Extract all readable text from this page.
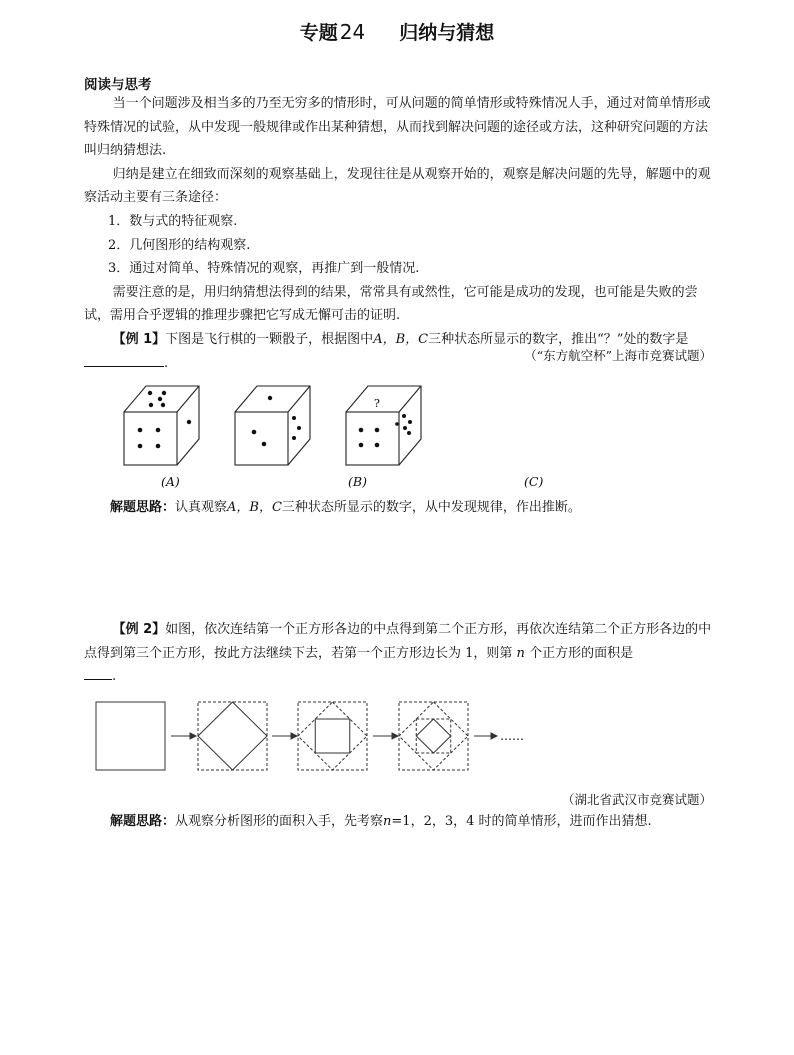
专题 24 归纳与猜想
阅读与思考

当一个问题涉及相当多的乃至无穷多的情形时，可从问题的简单情形或特殊情况人手，通过对简单情形或特殊情况的试验，从中发现一般规律或作出某种猜想，从而找到解决问题的途径或方法，这种研究问题的方法叫归纳猜想法.

归纳是建立在细致而深刻的观察基础上，发现往往是从观察开始的，观察是解决问题的先导，解题中的观察活动主要有三条途径：

1．数与式的特征观察.

2．几何图形的结构观察.

3．通过对简单、特殊情况的观察，再推广到一般情况.

需要注意的是，用归纳猜想法得到的结果，常常具有或然性，它可能是成功的发现，也可能是失败的尝试，需用合乎逻辑的推理步骤把它写成无懈可击的证明.

【例 1】下图是飞行棋的一颗骰子，根据图中A，B，C三种状态所显示的数字，推出“？”处的数字是.

（“东方航空杯”上海市竞赛试题）
?
(A)	(B)	(C)
解题思路：认真观察A，B，C三种状态所显示的数字，从中发现规律，作出推断。

【例 2】如图，依次连结第一个正方形各边的中点得到第二个正方形，再依次连结第二个正方形各边的中点得到第三个正方形，按此方法继续下去，若第一个正方形边长为 1，则第 n 个正方形的面积是

.

……
（湖北省武汉市竞赛试题）
解题思路：从观察分析图形的面积入手，先考察n=1，2，3，4 时的简单情形，进而作出猜想.
